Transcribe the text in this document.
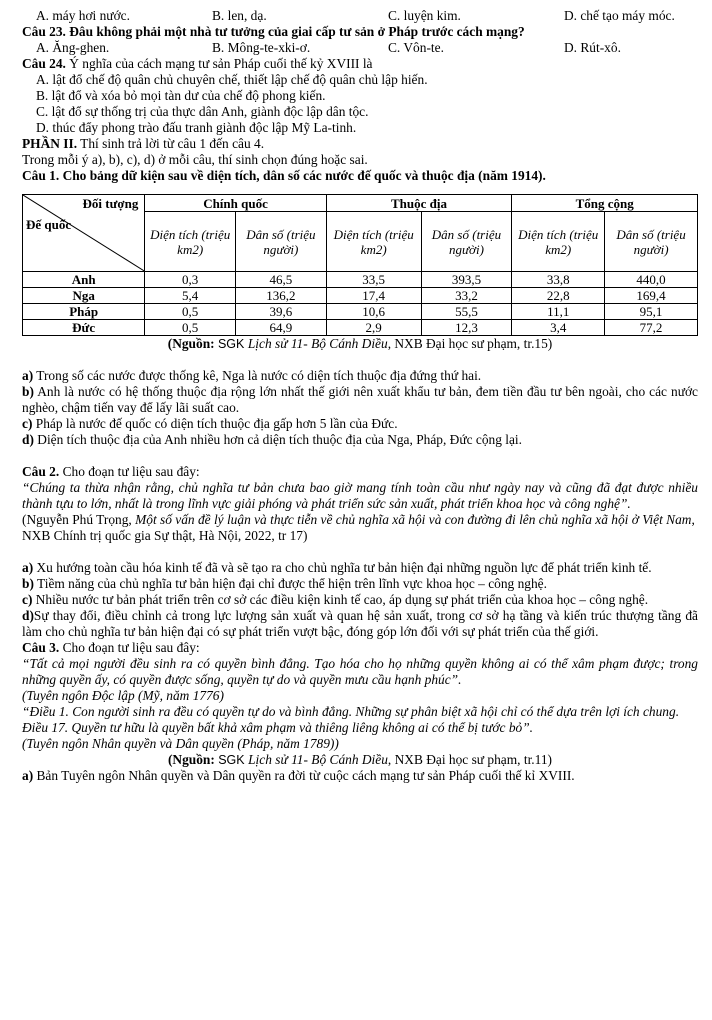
A. máy hơi nước.	B. len, dạ.	C. luyện kim.	D. chế tạo máy móc.

Câu 23. Đâu không phải một nhà tư tưởng của giai cấp tư sản ở Pháp trước cách mạng?

A. Ăng-ghen.	B. Mông-te-xki-ơ.	C. Vôn-te.	D. Rút-xô.

Câu 24. Ý nghĩa của cách mạng tư sản Pháp cuối thế kỷ XVIII là

A. lật đổ chế độ quân chủ chuyên chế, thiết lập chế độ quân chủ lập hiến.

B. lật đổ và xóa bỏ mọi tàn dư của chế độ phong kiến.

C. lật đổ sự thống trị của thực dân Anh, giành độc lập dân tộc.

D. thúc đẩy phong trào đấu tranh giành độc lập Mỹ La-tinh.

PHẦN II. Thí sinh trả lời từ câu 1 đến câu 4.

Trong mỗi ý a), b), c), d) ở mỗi câu, thí sinh chọn đúng hoặc sai.

Câu 1. Cho bảng dữ kiện sau về diện tích, dân số các nước đế quốc và thuộc địa (năm 1914).

Đối tượng
Đế quốc	Chính quốc		Thuộc địa		Tổng cộng	
	Diện tích (triệu km2)	Dân số (triệu người)	Diện tích (triệu km2)	Dân số (triệu người)	Diện tích (triệu km2)	Dân số (triệu người)
Anh	0,3	46,5	33,5	393,5	33,8	440,0
Nga	5,4	136,2	17,4	33,2	22,8	169,4
Pháp	0,5	39,6	10,6	55,5	11,1	95,1
Đức	0,5	64,9	2,9	12,3	3,4	77,2

(Nguồn: SGK Lịch sử 11- Bộ Cánh Diều, NXB Đại học sư phạm, tr.15)

a) Trong số các nước được thống kê, Nga là nước có diện tích thuộc địa đứng thứ hai.

b) Anh là nước có hệ thống thuộc địa rộng lớn nhất thế giới nên xuất khẩu tư bản, đem tiền đầu tư bên ngoài, cho các nước nghèo, chậm tiến vay để lấy lãi suất cao.

c) Pháp là nước đế quốc có diện tích thuộc địa gấp hơn 5 lần của Đức.

d) Diện tích thuộc địa của Anh nhiều hơn cả diện tích thuộc địa của Nga, Pháp, Đức cộng lại.

Câu 2. Cho đoạn tư liệu sau đây:

“Chúng ta thừa nhận rằng, chủ nghĩa tư bản chưa bao giờ mang tính toàn cầu như ngày nay và cũng đã đạt được nhiều thành tựu to lớn, nhất là trong lĩnh vực giải phóng và phát triển sức sản xuất, phát triển khoa học và công nghệ”.

(Nguyễn Phú Trọng, Một số vấn đề lý luận và thực tiễn về chủ nghĩa xã hội và con đường đi lên chủ nghĩa xã hội ở Việt Nam, NXB Chính trị quốc gia Sự thật, Hà Nội, 2022, tr 17)

a) Xu hướng toàn cầu hóa kinh tế đã và sẽ tạo ra cho chủ nghĩa tư bản hiện đại những nguồn lực để phát triển kinh tế.

b) Tiềm năng của chủ nghĩa tư bản hiện đại chỉ được thể hiện trên lĩnh vực khoa học – công nghệ.

c) Nhiều nước tư bản phát triển trên cơ sở các điều kiện kinh tế cao, áp dụng sự phát triển của khoa học – công nghệ.

d)Sự thay đổi, điều chỉnh cả trong lực lượng sản xuất và quan hệ sản xuất, trong cơ sở hạ tầng và kiến trúc thượng tầng đã làm cho chủ nghĩa tư bản hiện đại có sự phát triển vượt bậc, đóng góp lớn đối với sự phát triển của thế giới.

Câu 3. Cho đoạn tư liệu sau đây:

“Tất cả mọi người đều sinh ra có quyền bình đẳng. Tạo hóa cho họ những quyền không ai có thể xâm phạm được; trong những quyền ấy, có quyền được sống, quyền tự do và quyền mưu cầu hạnh phúc”.

(Tuyên ngôn Độc lập (Mỹ, năm 1776)

“Điều 1. Con người sinh ra đều có quyền tự do và bình đẳng. Những sự phân biệt xã hội chỉ có thể dựa trên lợi ích chung.

Điều 17. Quyền tư hữu là quyền bất khả xâm phạm và thiêng liêng không ai có thể bị tước bỏ”.

(Tuyên ngôn Nhân quyền và Dân quyền (Pháp, năm 1789))

(Nguồn: SGK Lịch sử 11- Bộ Cánh Diều, NXB Đại học sư phạm, tr.11)

a) Bản Tuyên ngôn Nhân quyền và Dân quyền ra đời từ cuộc cách mạng tư sản Pháp cuối thế kỉ XVIII.
